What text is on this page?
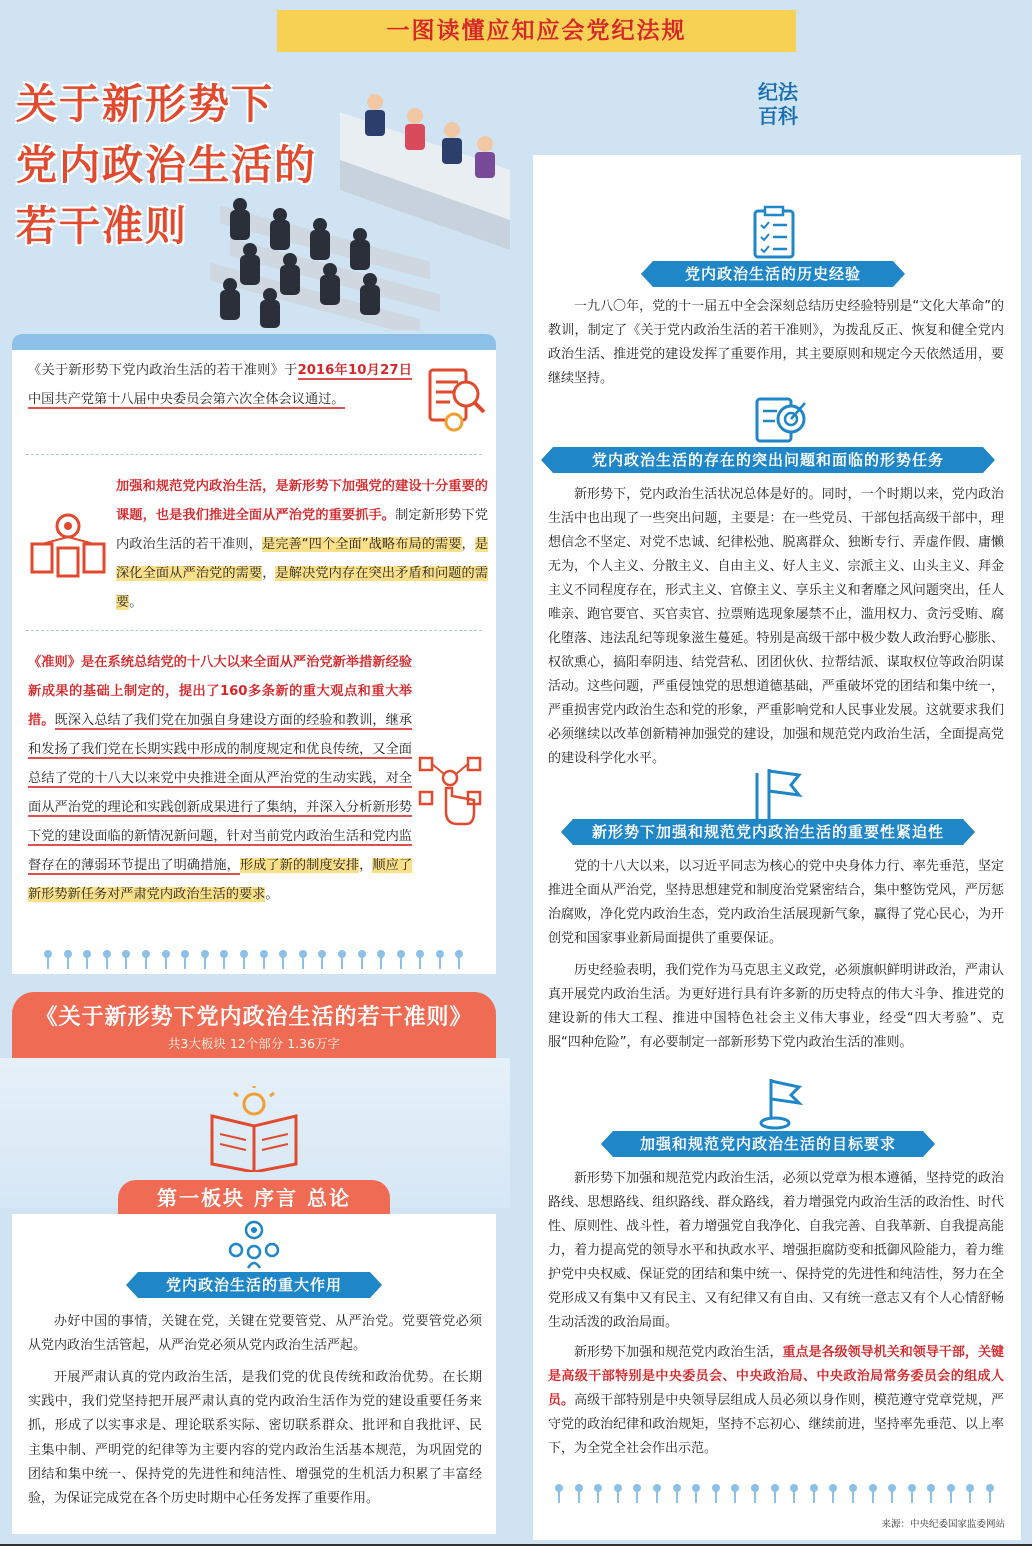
一图读懂应知应会党纪法规
关于新形势下
党内政治生活的
若干准则
纪法
百科
《关于新形势下党内政治生活的若干准则》于2016年10月27日中国共产党第十八届中央委员会第六次全体会议通过。
加强和规范党内政治生活，是新形势下加强党的建设十分重要的课题，也是我们推进全面从严治党的重要抓手。制定新形势下党内政治生活的若干准则，是完善“四个全面”战略布局的需要，是深化全面从严治党的需要，是解决党内存在突出矛盾和问题的需要。
《准则》是在系统总结党的十八大以来全面从严治党新举措新经验新成果的基础上制定的，提出了160多条新的重大观点和重大举措。既深入总结了我们党在加强自身建设方面的经验和教训，继承和发扬了我们党在长期实践中形成的制度规定和优良传统，又全面总结了党的十八大以来党中央推进全面从严治党的生动实践，对全面从严治党的理论和实践创新成果进行了集纳，并深入分析新形势下党的建设面临的新情况新问题，针对当前党内政治生活和党内监督存在的薄弱环节提出了明确措施，形成了新的制度安排，顺应了新形势新任务对严肃党内政治生活的要求。
《关于新形势下党内政治生活的若干准则》
共3大板块 12个部分 1.36万字
第一板块 序言 总论
党内政治生活的重大作用
办好中国的事情，关键在党，关键在党要管党、从严治党。党要管党必须从党内政治生活管起，从严治党必须从党内政治生活严起。
开展严肃认真的党内政治生活，是我们党的优良传统和政治优势。在长期实践中，我们党坚持把开展严肃认真的党内政治生活作为党的建设重要任务来抓，形成了以实事求是、理论联系实际、密切联系群众、批评和自我批评、民主集中制、严明党的纪律等为主要内容的党内政治生活基本规范，为巩固党的团结和集中统一、保持党的先进性和纯洁性、增强党的生机活力积累了丰富经验，为保证完成党在各个历史时期中心任务发挥了重要作用。
党内政治生活的历史经验
一九八〇年，党的十一届五中全会深刻总结历史经验特别是“文化大革命”的教训，制定了《关于党内政治生活的若干准则》，为拨乱反正、恢复和健全党内政治生活、推进党的建设发挥了重要作用，其主要原则和规定今天依然适用，要继续坚持。
党内政治生活的存在的突出问题和面临的形势任务
新形势下，党内政治生活状况总体是好的。同时，一个时期以来，党内政治生活中也出现了一些突出问题，主要是：在一些党员、干部包括高级干部中，理想信念不坚定、对党不忠诚、纪律松弛、脱离群众、独断专行、弄虚作假、庸懒无为，个人主义、分散主义、自由主义、好人主义、宗派主义、山头主义、拜金主义不同程度存在，形式主义、官僚主义、享乐主义和奢靡之风问题突出，任人唯亲、跑官要官、买官卖官、拉票贿选现象屡禁不止，滥用权力、贪污受贿、腐化堕落、违法乱纪等现象滋生蔓延。特别是高级干部中极少数人政治野心膨胀、权欲熏心，搞阳奉阴违、结党营私、团团伙伙、拉帮结派、谋取权位等政治阴谋活动。这些问题，严重侵蚀党的思想道德基础，严重破坏党的团结和集中统一，严重损害党内政治生态和党的形象，严重影响党和人民事业发展。这就要求我们必须继续以改革创新精神加强党的建设，加强和规范党内政治生活，全面提高党的建设科学化水平。
新形势下加强和规范党内政治生活的重要性紧迫性
党的十八大以来，以习近平同志为核心的党中央身体力行、率先垂范，坚定推进全面从严治党，坚持思想建党和制度治党紧密结合，集中整饬党风，严厉惩治腐败，净化党内政治生态，党内政治生活展现新气象，赢得了党心民心，为开创党和国家事业新局面提供了重要保证。
历史经验表明，我们党作为马克思主义政党，必须旗帜鲜明讲政治，严肃认真开展党内政治生活。为更好进行具有许多新的历史特点的伟大斗争、推进党的建设新的伟大工程、推进中国特色社会主义伟大事业，经受“四大考验”、克服“四种危险”，有必要制定一部新形势下党内政治生活的准则。
加强和规范党内政治生活的目标要求
新形势下加强和规范党内政治生活，必须以党章为根本遵循，坚持党的政治路线、思想路线、组织路线、群众路线，着力增强党内政治生活的政治性、时代性、原则性、战斗性，着力增强党自我净化、自我完善、自我革新、自我提高能力，着力提高党的领导水平和执政水平、增强拒腐防变和抵御风险能力，着力维护党中央权威、保证党的团结和集中统一、保持党的先进性和纯洁性，努力在全党形成又有集中又有民主、又有纪律又有自由、又有统一意志又有个人心情舒畅生动活泼的政治局面。
新形势下加强和规范党内政治生活，重点是各级领导机关和领导干部，关键是高级干部特别是中央委员会、中央政治局、中央政治局常务委员会的组成人员。高级干部特别是中央领导层组成人员必须以身作则，模范遵守党章党规，严守党的政治纪律和政治规矩，坚持不忘初心、继续前进，坚持率先垂范、以上率下，为全党全社会作出示范。
来源：中央纪委国家监委网站
